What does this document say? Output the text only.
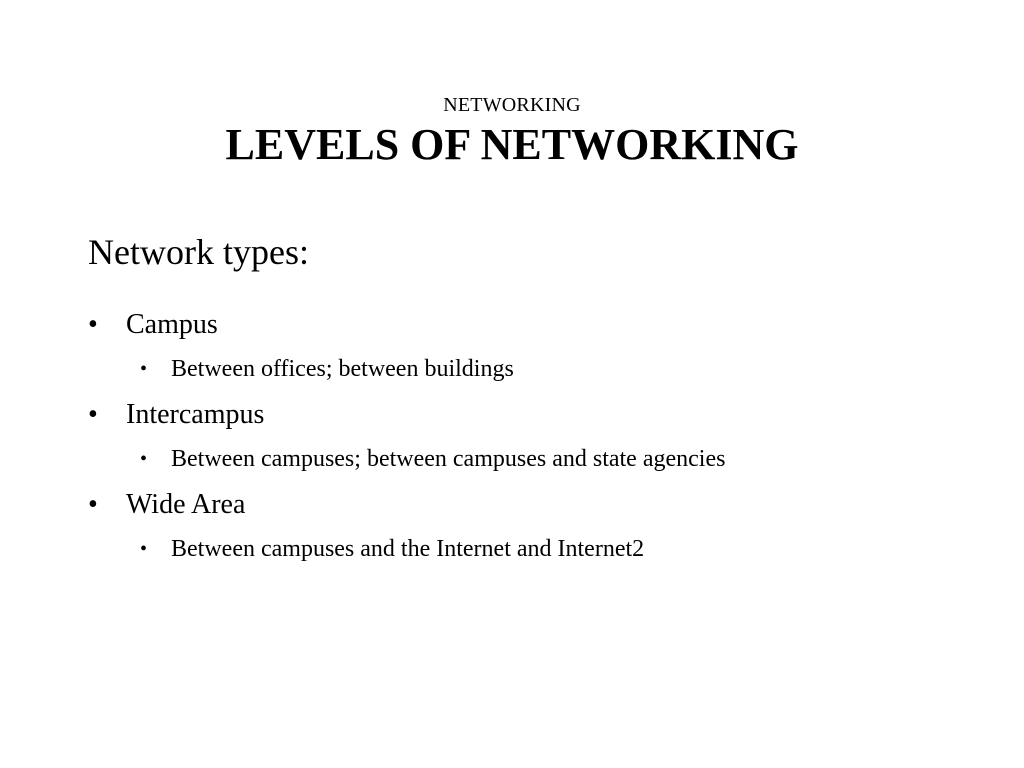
NETWORKING
LEVELS OF NETWORKING
Network types:
•	Campus
• Between offices; between buildings
•	Intercampus
• Between campuses; between campuses and state agencies
•	Wide Area
• Between campuses and the Internet and Internet2
